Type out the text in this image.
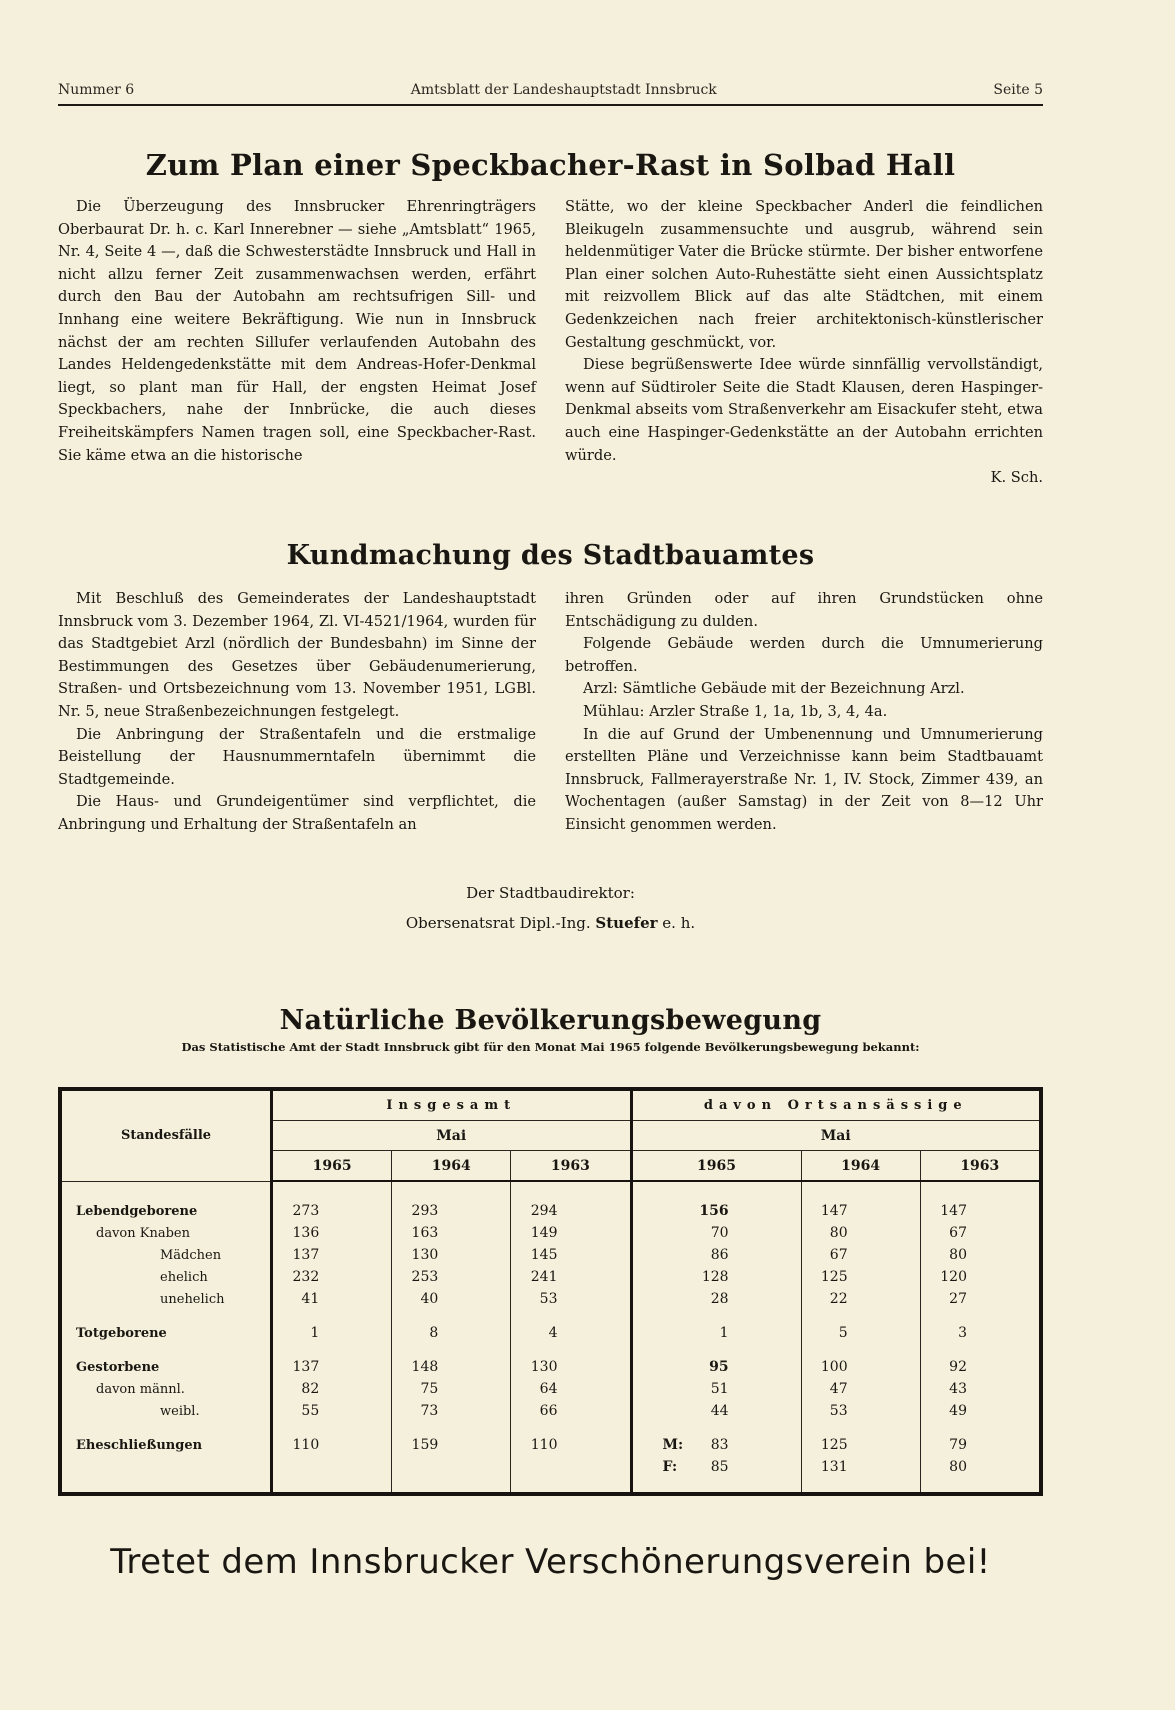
Nummer 6	Amtsblatt der Landeshauptstadt Innsbruck	Seite 5
Zum Plan einer Speckbacher-Rast in Solbad Hall

Die Überzeugung des Innsbrucker Ehrenringträgers Oberbaurat Dr. h. c. Karl Innerebner — siehe „Amtsblatt“ 1965, Nr. 4, Seite 4 —, daß die Schwesterstädte Innsbruck und Hall in nicht allzu ferner Zeit zusammenwachsen werden, erfährt durch den Bau der Autobahn am rechtsufrigen Sill- und Innhang eine weitere Bekräftigung. Wie nun in Innsbruck nächst der am rechten Sillufer verlaufenden Autobahn des Landes Heldengedenkstätte mit dem Andreas-Hofer-Denkmal liegt, so plant man für Hall, der engsten Heimat Josef Speckbachers, nahe der Innbrücke, die auch dieses Freiheitskämpfers Namen tragen soll, eine Speckbacher-Rast. Sie käme etwa an die historische

Stätte, wo der kleine Speckbacher Anderl die feindlichen Bleikugeln zusammensuchte und ausgrub, während sein heldenmütiger Vater die Brücke stürmte. Der bisher entworfene Plan einer solchen Auto-Ruhestätte sieht einen Aussichtsplatz mit reizvollem Blick auf das alte Städtchen, mit einem Gedenkzeichen nach freier architektonisch-künstlerischer Gestaltung geschmückt, vor.

Diese begrüßenswerte Idee würde sinnfällig vervollständigt, wenn auf Südtiroler Seite die Stadt Klausen, deren Haspinger-Denkmal abseits vom Straßenverkehr am Eisackufer steht, etwa auch eine Haspinger-Gedenkstätte an der Autobahn errichten würde.

K. Sch.

Kundmachung des Stadtbauamtes

Mit Beschluß des Gemeinderates der Landeshauptstadt Innsbruck vom 3. Dezember 1964, Zl. VI-4521/1964, wurden für das Stadtgebiet Arzl (nördlich der Bundesbahn) im Sinne der Bestimmungen des Gesetzes über Gebäudenumerierung, Straßen- und Ortsbezeichnung vom 13. November 1951, LGBl. Nr. 5, neue Straßenbezeichnungen festgelegt.

Die Anbringung der Straßentafeln und die erstmalige Beistellung der Hausnummerntafeln übernimmt die Stadtgemeinde.

Die Haus- und Grundeigentümer sind verpflichtet, die Anbringung und Erhaltung der Straßentafeln an

ihren Gründen oder auf ihren Grundstücken ohne Entschädigung zu dulden.

Folgende Gebäude werden durch die Umnumerierung betroffen.

Arzl: Sämtliche Gebäude mit der Bezeichnung Arzl.

Mühlau: Arzler Straße 1, 1a, 1b, 3, 4, 4a.

In die auf Grund der Umbenennung und Umnumerierung erstellten Pläne und Verzeichnisse kann beim Stadtbauamt Innsbruck, Fallmerayerstraße Nr. 1, IV. Stock, Zimmer 439, an Wochentagen (außer Samstag) in der Zeit von 8—12 Uhr Einsicht genommen werden.

Der Stadtbaudirektor:
Obersenatsrat Dipl.-Ing. Stuefer e. h.
Natürliche Bevölkerungsbewegung
Das Statistische Amt der Stadt Innsbruck gibt für den Monat Mai 1965 folgende Bevölkerungsbewegung bekannt:
Standesfälle	Insgesamt			davon Ortsansässige		
	Mai			Mai		
	1965	1964	1963	1965	1964	1963

Lebendgeborene	273	293	294	156	147	147
davon Knaben	136	163	149	70	80	67
Mädchen	137	130	145	86	67	80
ehelich	232	253	241	128	125	120
unehelich	41	40	53	28	22	27

Totgeborene	1	8	4	1	5	3

Gestorbene	137	148	130	95	100	92
davon männl.	82	75	64	51	47	43
weibl.	55	73	66	44	53	49

Eheschließungen	110	159	110	M: 83	125	79

				F: 85	131	80

Tretet dem Innsbrucker Verschönerungsverein bei!
